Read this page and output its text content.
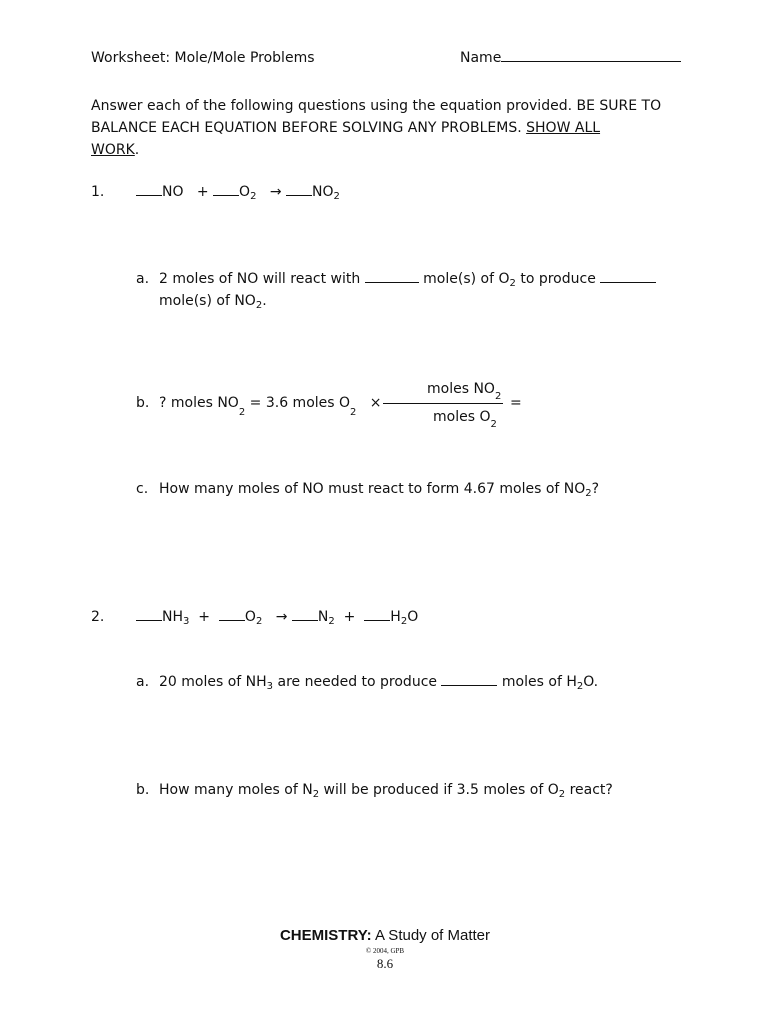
Worksheet: Mole/Mole Problems	Name
Answer each of the following questions using the equation provided. BE SURE TO
BALANCE EACH EQUATION BEFORE SOLVING ANY PROBLEMS. SHOW ALL
WORK.
1.	NO + $O_2 \to NO_2$
a. 2 moles of NO will react with	mole(s) of $O_2$ to produce
mole(s) of $NO_2$.
b. ? moles $NO_2 = 3.6$ moles $O_2$   ×
moles $NO_2$
moles $O_2$
=
c. How many moles of NO must react to form 4.67 moles of $NO_2$?
2.	$NH_3 + O_2 \to N_2 + H_2O$
a. 20 moles of $NH_3$ are needed to produce	moles of $H_2O$.
b. How many moles of $N_2$ will be produced if 3.5 moles of $O_2$ react?
CHEMISTRY: A Study of Matter
© 2004, GPB
8.6
